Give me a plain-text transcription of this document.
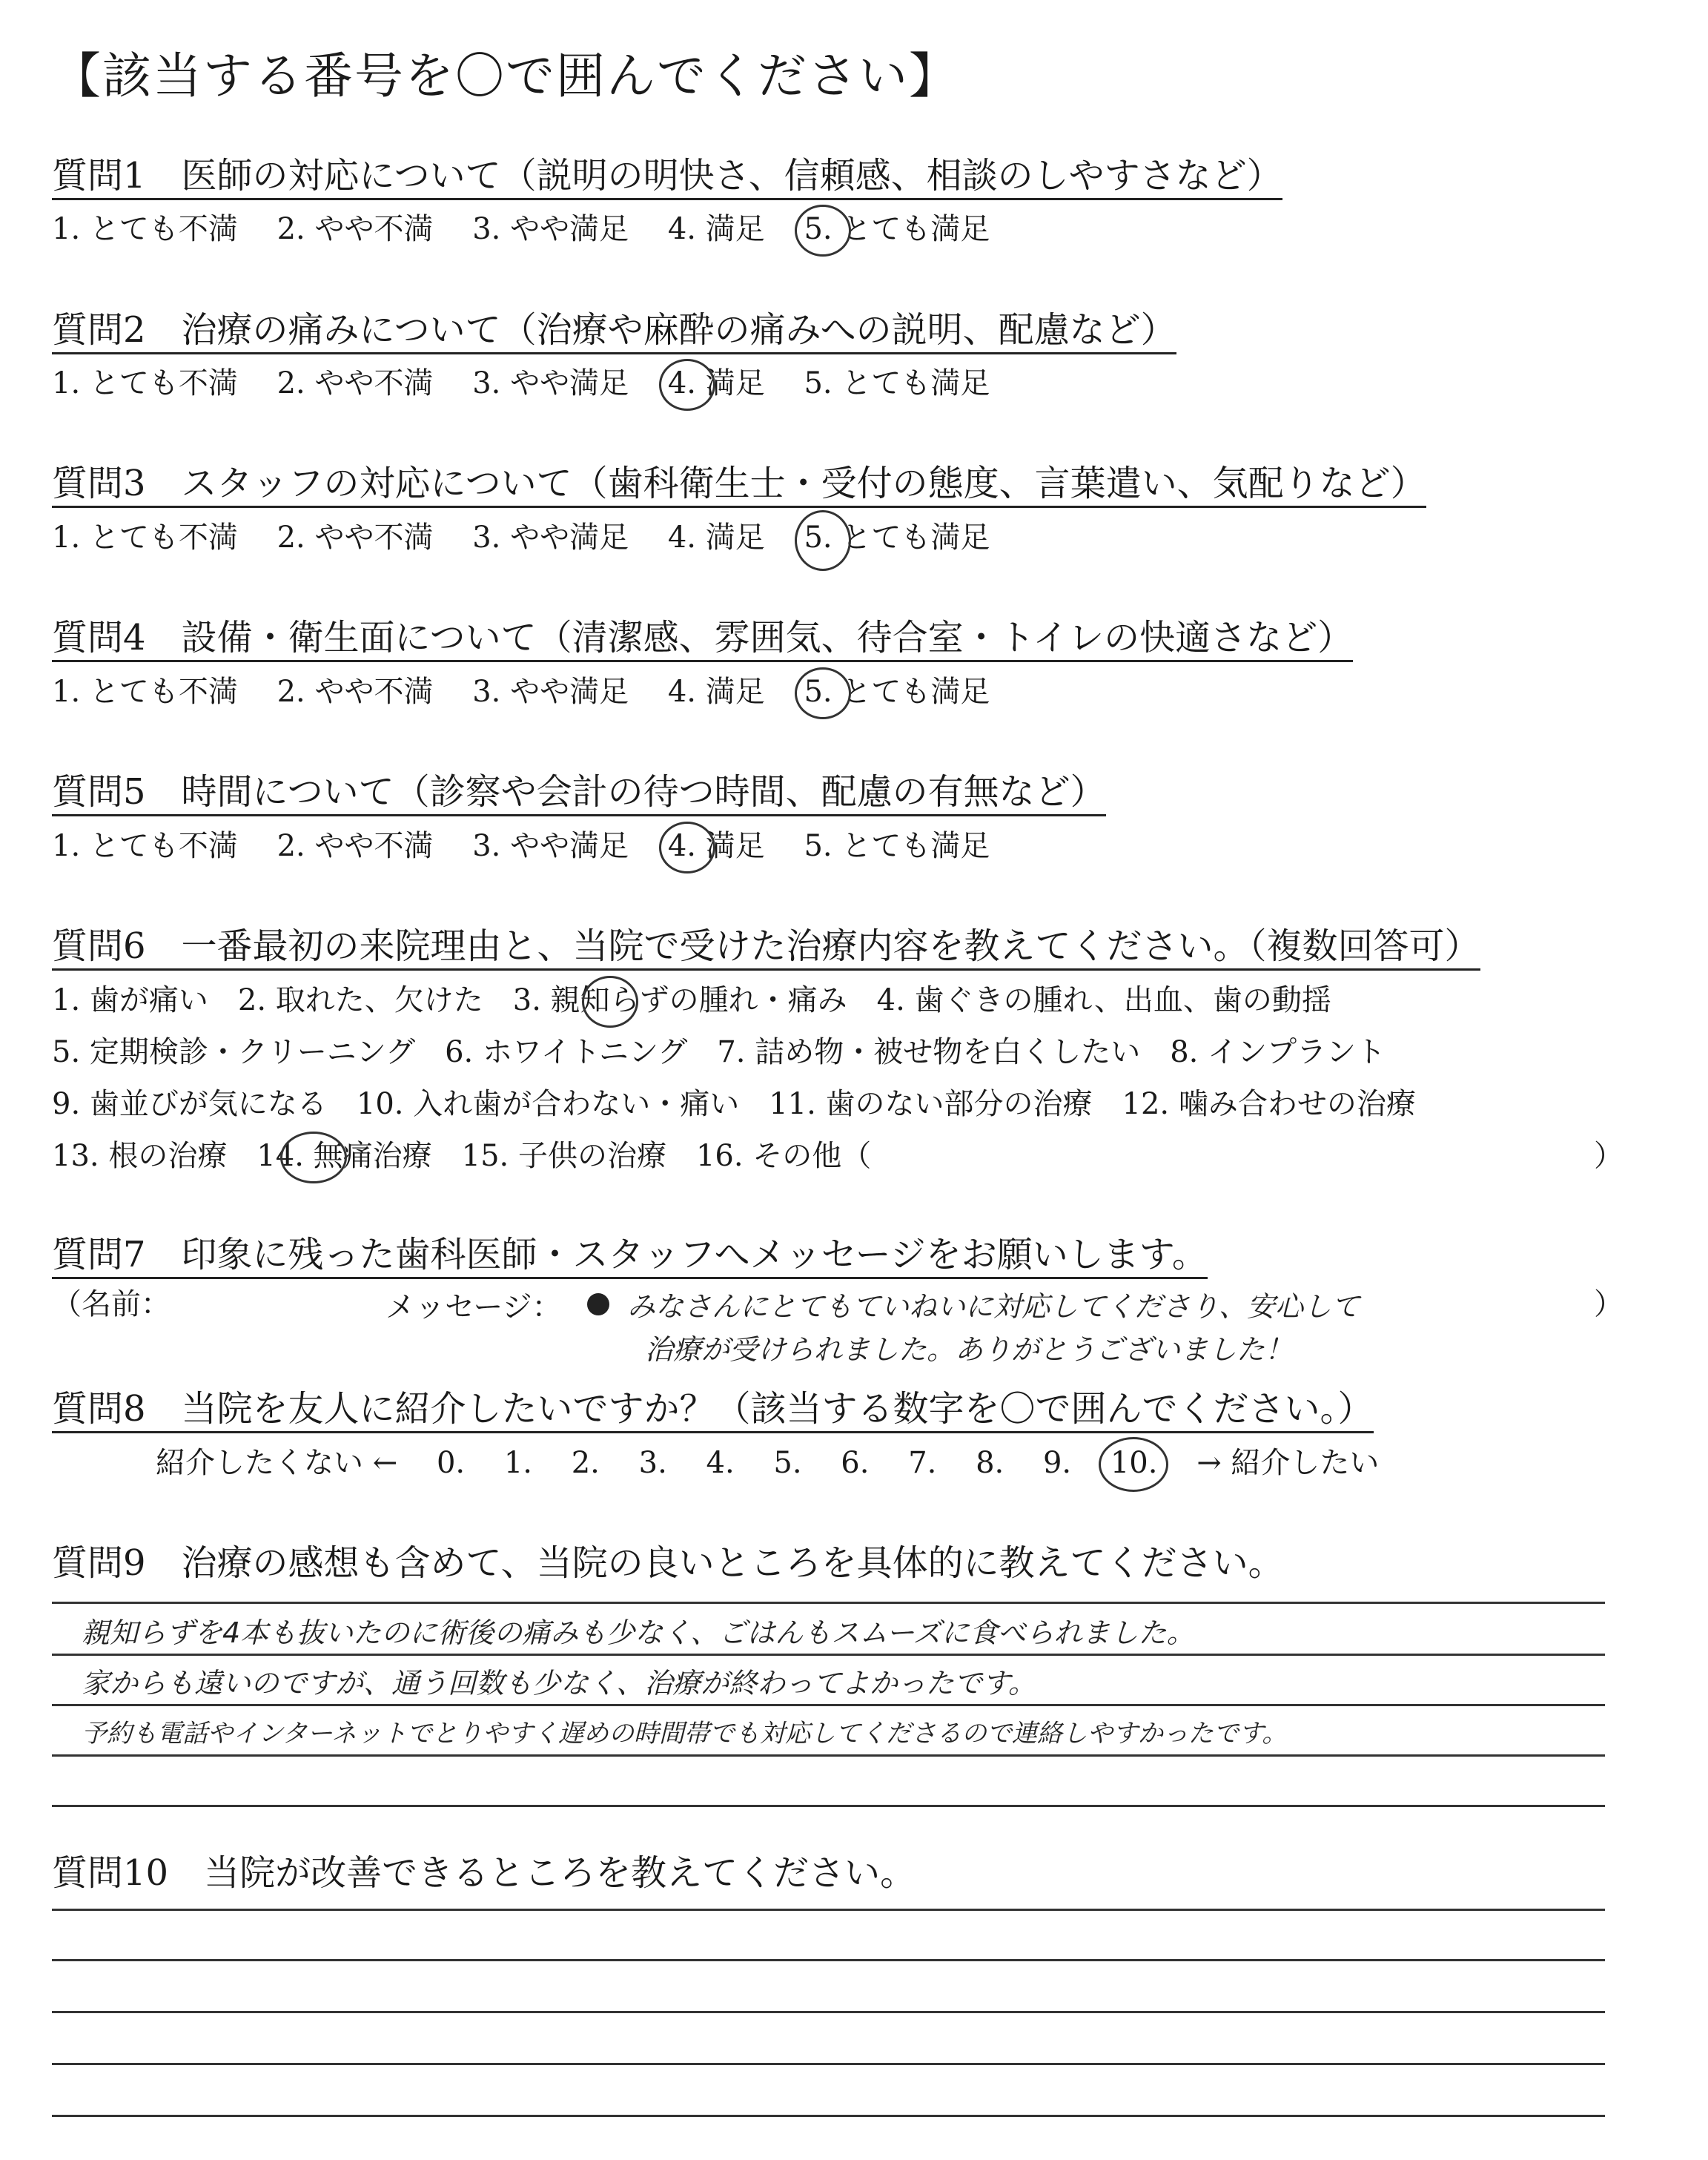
【該当する番号を〇で囲んでください】
質問1　医師の対応について（説明の明快さ、信頼感、相談のしやすさなど）
1. とても不満  2. やや不満  3. やや満足  4. 満足  5. とても満足
質問2　治療の痛みについて（治療や麻酔の痛みへの説明、配慮など）
1. とても不満  2. やや不満  3. やや満足  4. 満足
  5. とても満足
質問3　スタッフの対応について（歯科衛生士・受付の態度、言葉遣い、気配りなど）
1. とても不満  2. やや不満  3. やや満足  4. 満足  5. とても満足
質問4　設備・衛生面について（清潔感、雰囲気、待合室・トイレの快適さなど）
1. とても不満  2. やや不満  3. やや満足  4. 満足  5. とても満足
質問5　時間について（診察や会計の待つ時間、配慮の有無など）
1. とても不満  2. やや不満  3. やや満足  4. 満足
  5. とても満足
質問6　一番最初の来院理由と、当院で受けた治療内容を教えてください。（複数回答可）
1. 歯が痛い　2. 取れた、欠けた　3. 親知らずの腫れ・痛み　4. 歯ぐきの腫れ、出血、歯の動揺
5. 定期検診・クリーニング　6. ホワイトニング　7. 詰め物・被せ物を白くしたい　8. インプラント
9. 歯並びが気になる　10. 入れ歯が合わない・痛い　11. 歯のない部分の治療　12. 噛み合わせの治療
13. 根の治療　14. 無痛治療　15. 子供の治療　16. その他（	）
質問7　印象に残った歯科医師・スタッフへメッセージをお願いします。
（名前：	メッセージ： みなさんにとてもていねいに対応してくださり、安心して
治療が受けられました。ありがとうございました！
）
質問8　当院を友人に紹介したいですか？（該当する数字を〇で囲んでください。）
紹介したくない ←  0.  1.  2.  3.  4.  5.  6.  7.  8.  9.  10.
  → 紹介したい
質問9　治療の感想も含めて、当院の良いところを具体的に教えてください。
親知らずを4本も抜いたのに術後の痛みも少なく、ごはんもスムーズに食べられました。
家からも遠いのですが、通う回数も少なく、治療が終わってよかったです。
予約も電話やインターネットでとりやすく遅めの時間帯でも対応してくださるので連絡しやすかったです。
質問10　当院が改善できるところを教えてください。
